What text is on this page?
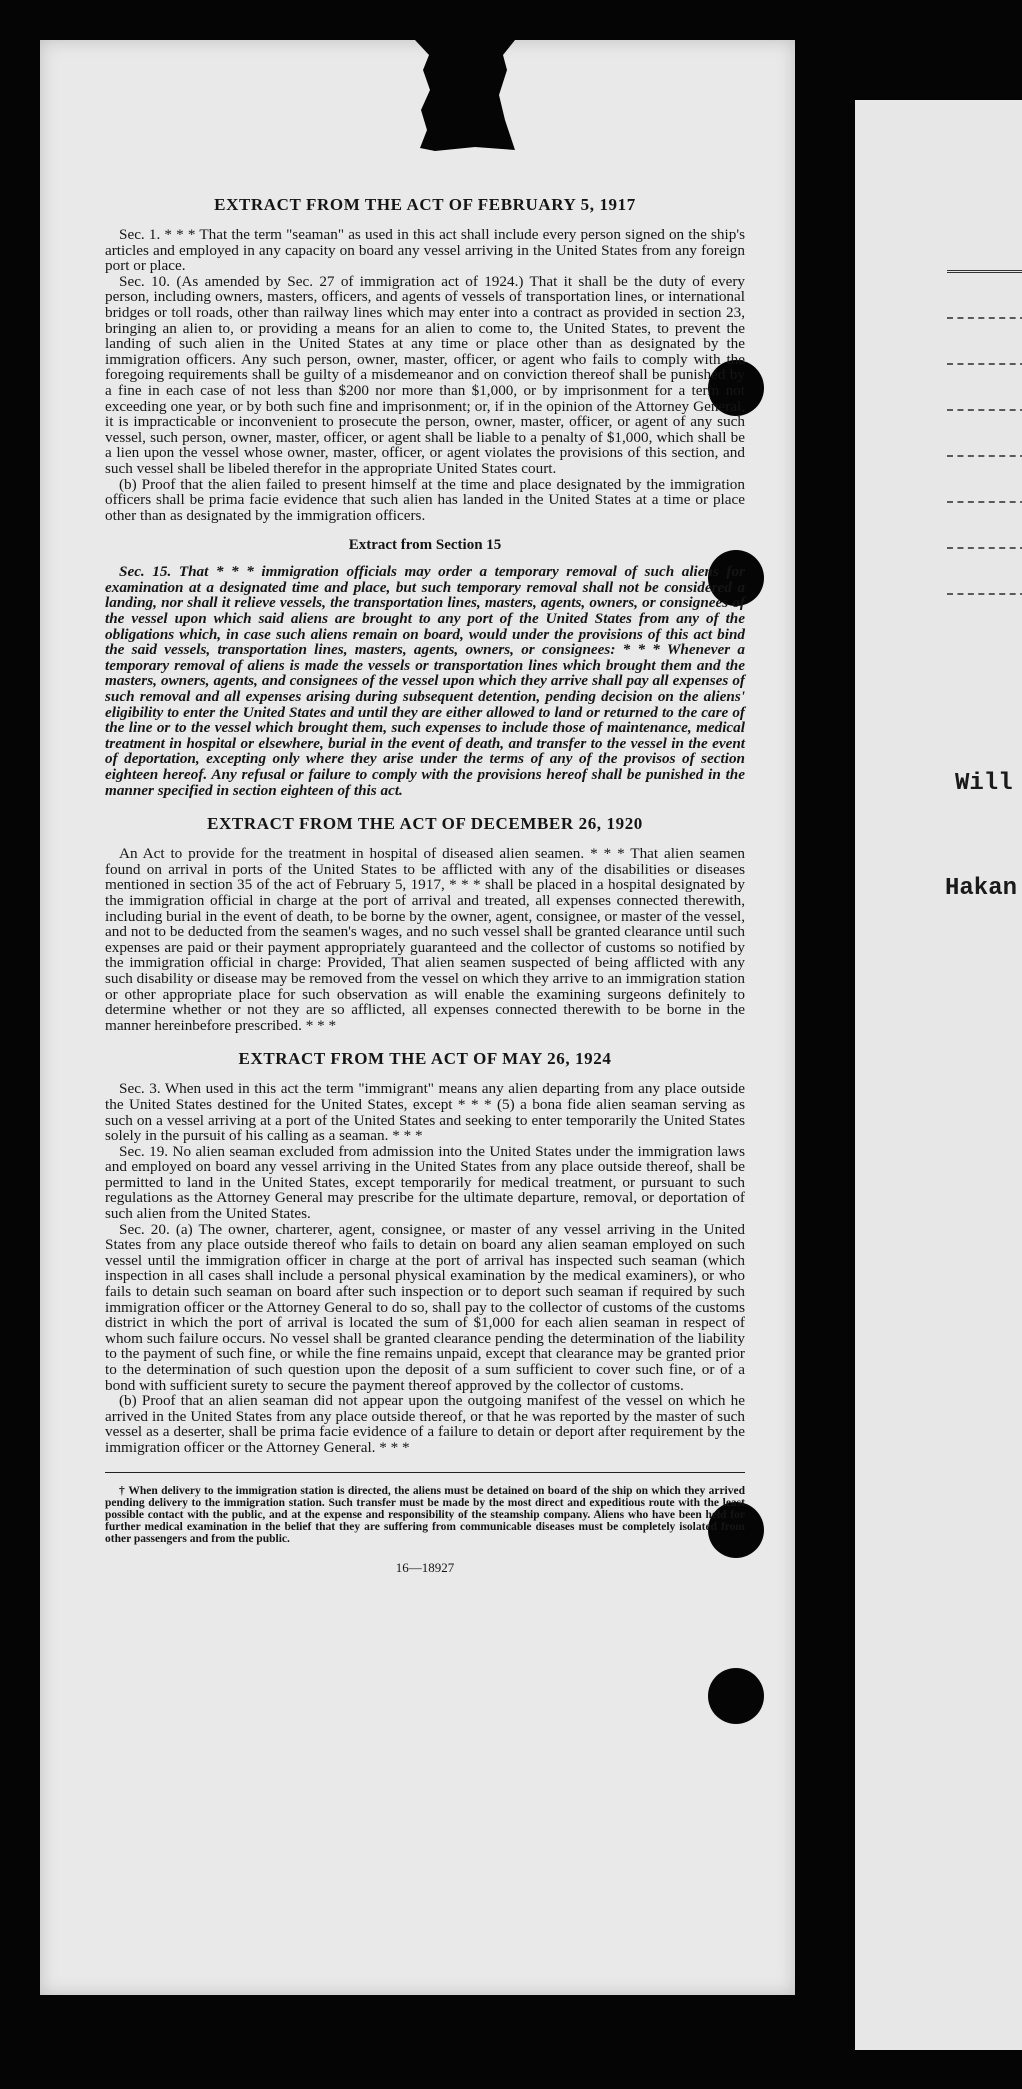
EXTRACT FROM THE ACT OF FEBRUARY 5, 1917

Sec. 1. * * * That the term "seaman" as used in this act shall include every person signed on the ship's articles and employed in any capacity on board any vessel arriving in the United States from any foreign port or place.

Sec. 10. (As amended by Sec. 27 of immigration act of 1924.) That it shall be the duty of every person, including owners, masters, officers, and agents of vessels of transportation lines, or international bridges or toll roads, other than railway lines which may enter into a contract as provided in section 23, bringing an alien to, or providing a means for an alien to come to, the United States, to prevent the landing of such alien in the United States at any time or place other than as designated by the immigration officers. Any such person, owner, master, officer, or agent who fails to comply with the foregoing requirements shall be guilty of a misdemeanor and on conviction thereof shall be punished by a fine in each case of not less than $200 nor more than $1,000, or by imprisonment for a term not exceeding one year, or by both such fine and imprisonment; or, if in the opinion of the Attorney General, it is impracticable or inconvenient to prosecute the person, owner, master, officer, or agent of any such vessel, such person, owner, master, officer, or agent shall be liable to a penalty of $1,000, which shall be a lien upon the vessel whose owner, master, officer, or agent violates the provisions of this section, and such vessel shall be libeled therefor in the appropriate United States court.

(b) Proof that the alien failed to present himself at the time and place designated by the immigration officers shall be prima facie evidence that such alien has landed in the United States at a time or place other than as designated by the immigration officers.

Extract from Section 15

Sec. 15. That * * * immigration officials may order a temporary removal of such aliens for examination at a designated time and place, but such temporary removal shall not be considered a landing, nor shall it relieve vessels, the transportation lines, masters, agents, owners, or consignees of the vessel upon which said aliens are brought to any port of the United States from any of the obligations which, in case such aliens remain on board, would under the provisions of this act bind the said vessels, transportation lines, masters, agents, owners, or consignees: * * * Whenever a temporary removal of aliens is made the vessels or transportation lines which brought them and the masters, owners, agents, and consignees of the vessel upon which they arrive shall pay all expenses of such removal and all expenses arising during subsequent detention, pending decision on the aliens' eligibility to enter the United States and until they are either allowed to land or returned to the care of the line or to the vessel which brought them, such expenses to include those of maintenance, medical treatment in hospital or elsewhere, burial in the event of death, and transfer to the vessel in the event of deportation, excepting only where they arise under the terms of any of the provisos of section eighteen hereof. Any refusal or failure to comply with the provisions hereof shall be punished in the manner specified in section eighteen of this act.

EXTRACT FROM THE ACT OF DECEMBER 26, 1920

An Act to provide for the treatment in hospital of diseased alien seamen. * * * That alien seamen found on arrival in ports of the United States to be afflicted with any of the disabilities or diseases mentioned in section 35 of the act of February 5, 1917, * * * shall be placed in a hospital designated by the immigration official in charge at the port of arrival and treated, all expenses connected therewith, including burial in the event of death, to be borne by the owner, agent, consignee, or master of the vessel, and not to be deducted from the seamen's wages, and no such vessel shall be granted clearance until such expenses are paid or their payment appropriately guaranteed and the collector of customs so notified by the immigration official in charge: Provided, That alien seamen suspected of being afflicted with any such disability or disease may be removed from the vessel on which they arrive to an immigration station or other appropriate place for such observation as will enable the examining surgeons definitely to determine whether or not they are so afflicted, all expenses connected therewith to be borne in the manner hereinbefore prescribed. * * *

EXTRACT FROM THE ACT OF MAY 26, 1924

Sec. 3. When used in this act the term "immigrant" means any alien departing from any place outside the United States destined for the United States, except * * * (5) a bona fide alien seaman serving as such on a vessel arriving at a port of the United States and seeking to enter temporarily the United States solely in the pursuit of his calling as a seaman. * * *

Sec. 19. No alien seaman excluded from admission into the United States under the immigration laws and employed on board any vessel arriving in the United States from any place outside thereof, shall be permitted to land in the United States, except temporarily for medical treatment, or pursuant to such regulations as the Attorney General may prescribe for the ultimate departure, removal, or deportation of such alien from the United States.

Sec. 20. (a) The owner, charterer, agent, consignee, or master of any vessel arriving in the United States from any place outside thereof who fails to detain on board any alien seaman employed on such vessel until the immigration officer in charge at the port of arrival has inspected such seaman (which inspection in all cases shall include a personal physical examination by the medical examiners), or who fails to detain such seaman on board after such inspection or to deport such seaman if required by such immigration officer or the Attorney General to do so, shall pay to the collector of customs of the customs district in which the port of arrival is located the sum of $1,000 for each alien seaman in respect of whom such failure occurs. No vessel shall be granted clearance pending the determination of the liability to the payment of such fine, or while the fine remains unpaid, except that clearance may be granted prior to the determination of such question upon the deposit of a sum sufficient to cover such fine, or of a bond with sufficient surety to secure the payment thereof approved by the collector of customs.

(b) Proof that an alien seaman did not appear upon the outgoing manifest of the vessel on which he arrived in the United States from any place outside thereof, or that he was reported by the master of such vessel as a deserter, shall be prima facie evidence of a failure to detain or deport after requirement by the immigration officer or the Attorney General. * * *

† When delivery to the immigration station is directed, the aliens must be detained on board of the ship on which they arrived pending delivery to the immigration station. Such transfer must be made by the most direct and expeditious route with the least possible contact with the public, and at the expense and responsibility of the steamship company. Aliens who have been held for further medical examination in the belief that they are suffering from communicable diseases must be completely isolated from other passengers and from the public.

16—18927
Will
Hakan
